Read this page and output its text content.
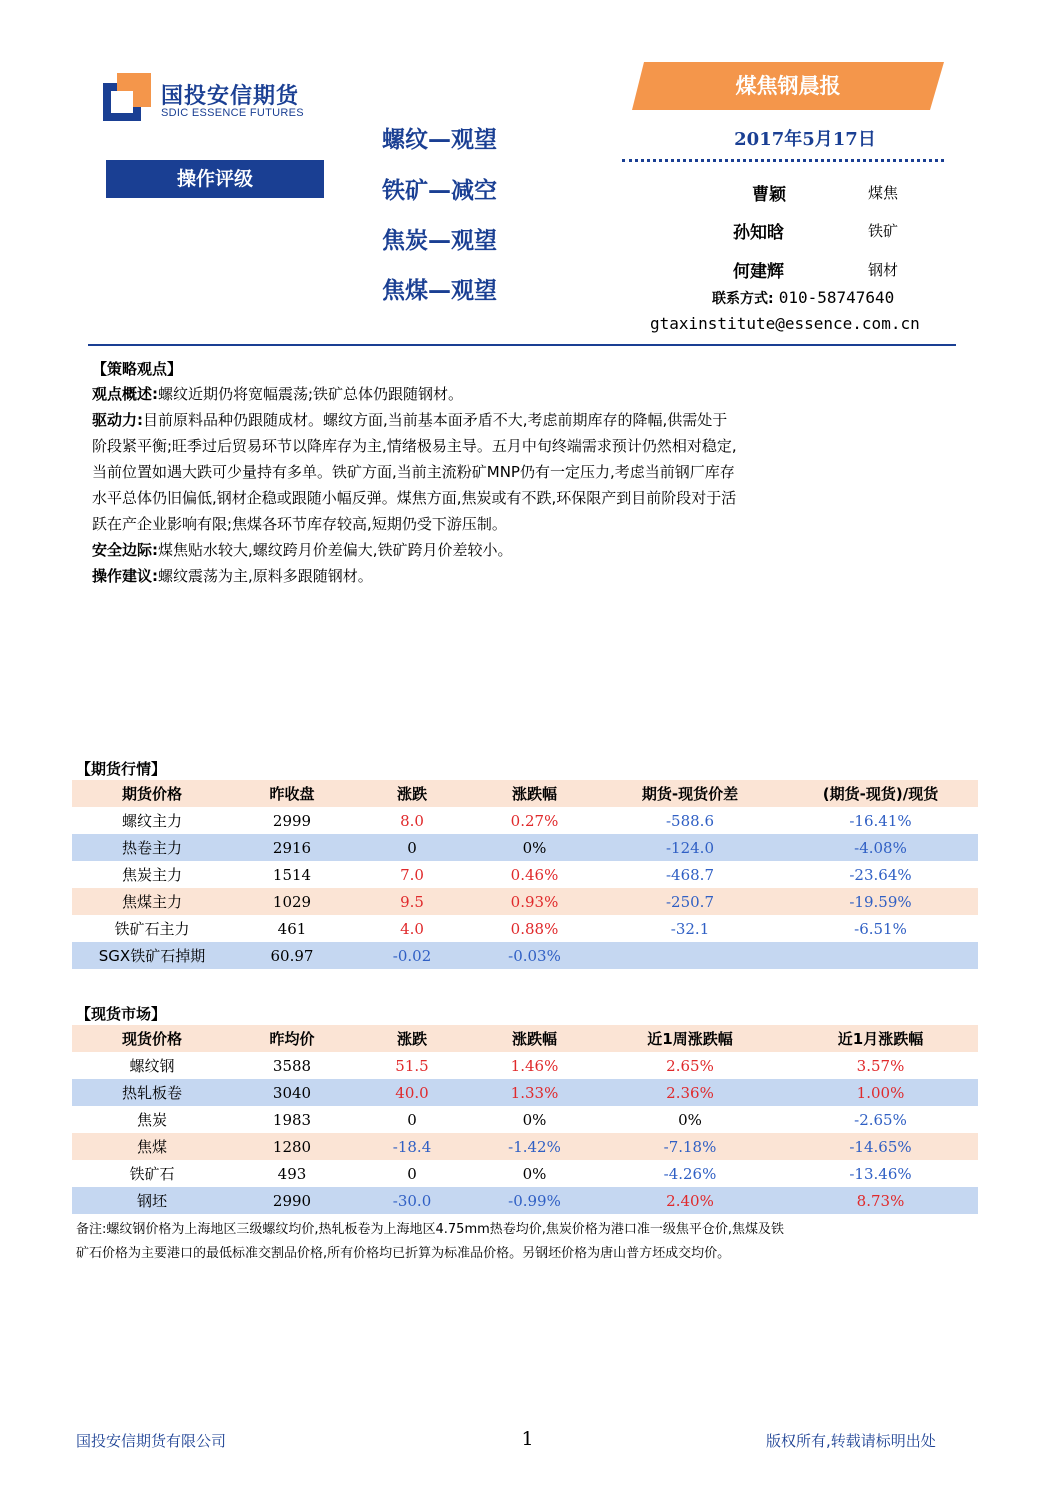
国投安信期货
SDIC ESSENCE FUTURES
煤焦钢晨报
2017年5月17日
操作评级
螺纹—观望
铁矿—减空
焦炭—观望
焦煤—观望
曹颖	煤焦
孙知晗	铁矿
何建辉	钢材
联系方式: 010-58747640
gtaxinstitute@essence.com.cn
【策略观点】

观点概述:螺纹近期仍将宽幅震荡;铁矿总体仍跟随钢材。

驱动力:目前原料品种仍跟随成材。螺纹方面,当前基本面矛盾不大,考虑前期库存的降幅,供需处于

阶段紧平衡;旺季过后贸易环节以降库存为主,情绪极易主导。五月中旬终端需求预计仍然相对稳定,

当前位置如遇大跌可少量持有多单。铁矿方面,当前主流粉矿MNP仍有一定压力,考虑当前钢厂库存

水平总体仍旧偏低,钢材企稳或跟随小幅反弹。煤焦方面,焦炭或有不跌,环保限产到目前阶段对于活

跃在产企业影响有限;焦煤各环节库存较高,短期仍受下游压制。

安全边际:煤焦贴水较大,螺纹跨月价差偏大,铁矿跨月价差较小。

操作建议:螺纹震荡为主,原料多跟随钢材。

【期货行情】
期货价格	昨收盘	涨跌	涨跌幅	期货-现货价差	(期货-现货)/现货
螺纹主力	2999	8.0	0.27%	-588.6	-16.41%
热卷主力	2916	0	0%	-124.0	-4.08%
焦炭主力	1514	7.0	0.46%	-468.7	-23.64%
焦煤主力	1029	9.5	0.93%	-250.7	-19.59%
铁矿石主力	461	4.0	0.88%	-32.1	-6.51%
SGX铁矿石掉期	60.97	-0.02	-0.03%		
【现货市场】
现货价格	昨均价	涨跌	涨跌幅	近1周涨跌幅	近1月涨跌幅
螺纹钢	3588	51.5	1.46%	2.65%	3.57%
热轧板卷	3040	40.0	1.33%	2.36%	1.00%
焦炭	1983	0	0%	0%	-2.65%
焦煤	1280	-18.4	-1.42%	-7.18%	-14.65%
铁矿石	493	0	0%	-4.26%	-13.46%
钢坯	2990	-30.0	-0.99%	2.40%	8.73%
备注:螺纹钢价格为上海地区三级螺纹均价,热轧板卷为上海地区4.75mm热卷均价,焦炭价格为港口准一级焦平仓价,焦煤及铁
矿石价格为主要港口的最低标准交割品价格,所有价格均已折算为标准品价格。另钢坯价格为唐山普方坯成交均价。
国投安信期货有限公司	1	版权所有,转载请标明出处
